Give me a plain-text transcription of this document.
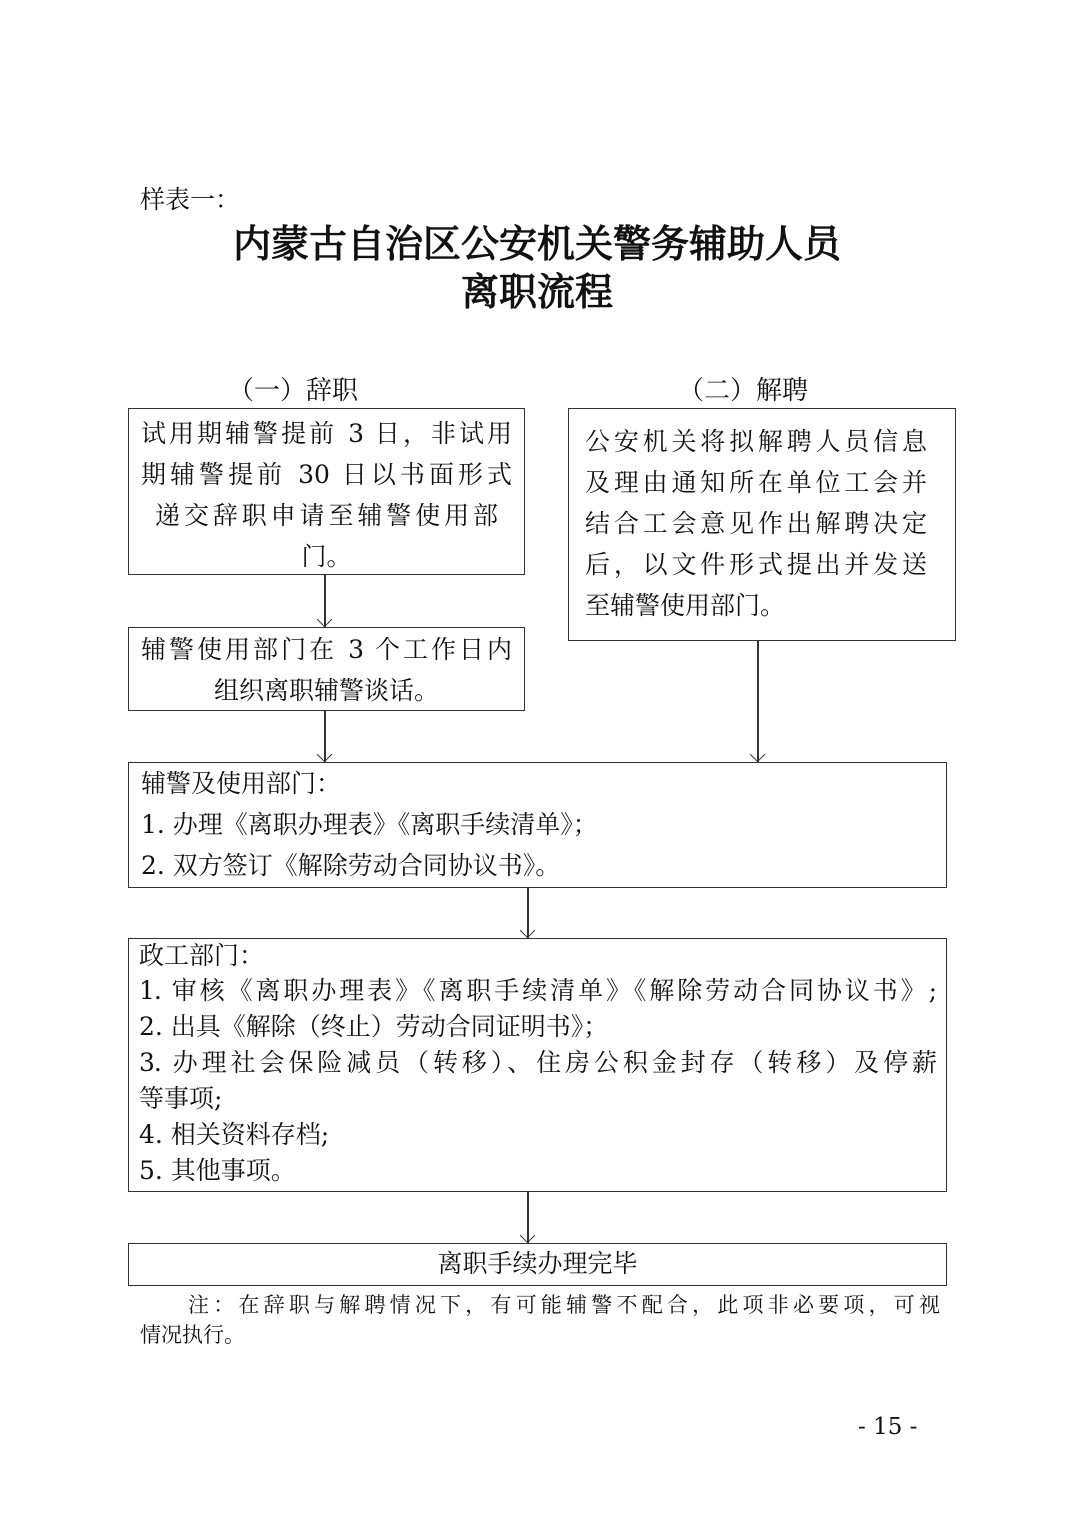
样表一：
内蒙古自治区公安机关警务辅助人员
离职流程
（一）辞职	（二）解聘
试用期辅警提前 3 日，非试用
期辅警提前 30 日以书面形式
递交辞职申请至辅警使用部
门。
辅警使用部门在 3 个工作日内
组织离职辅警谈话。
公安机关将拟解聘人员信息
及理由通知所在单位工会并
结合工会意见作出解聘决定
后，以文件形式提出并发送
至辅警使用部门。
辅警及使用部门：
1. 办理《离职办理表》《离职手续清单》；
2. 双方签订《解除劳动合同协议书》。
政工部门：
1. 审核《离职办理表》《离职手续清单》《解除劳动合同协议书》;
2. 出具《解除（终止）劳动合同证明书》；
3. 办理社会保险减员（转移）、住房公积金封存（转移）及停薪
等事项;
4. 相关资料存档;
5. 其他事项。
离职手续办理完毕
注：在辞职与解聘情况下，有可能辅警不配合，此项非必要项，可视
情况执行。
- 15 -
